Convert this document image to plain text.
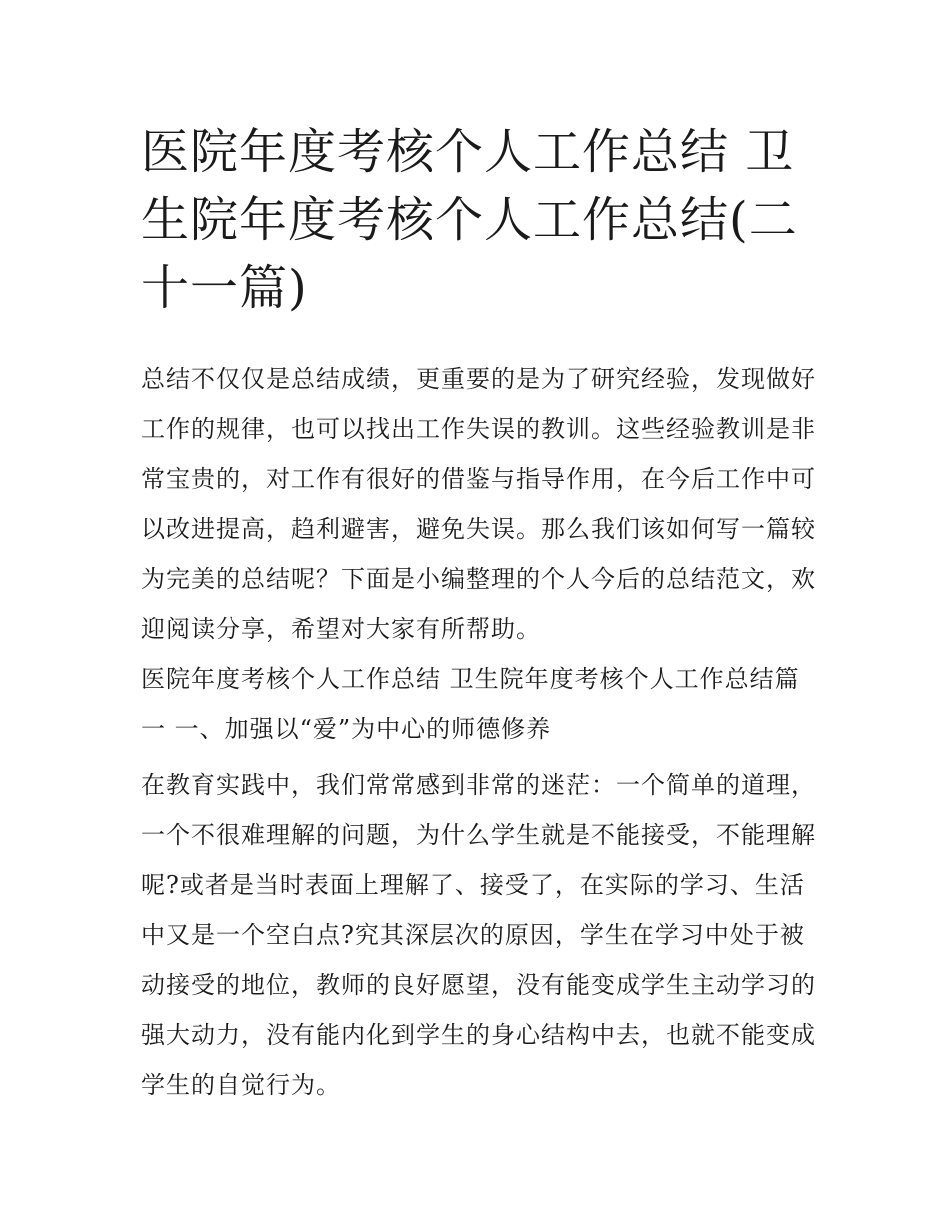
医院年度考核个人工作总结 卫生院年度考核个人工作总结(二十一篇)

总结不仅仅是总结成绩，更重要的是为了研究经验，发现做好工作的规律，也可以找出工作失误的教训。这些经验教训是非常宝贵的，对工作有很好的借鉴与指导作用，在今后工作中可以改进提高，趋利避害，避免失误。那么我们该如何写一篇较为完美的总结呢？下面是小编整理的个人今后的总结范文，欢迎阅读分享，希望对大家有所帮助。

医院年度考核个人工作总结 卫生院年度考核个人工作总结篇一 一、加强以“爱”为中心的师德修养

在教育实践中，我们常常感到非常的迷茫：一个简单的道理，一个不很难理解的问题，为什么学生就是不能接受，不能理解呢?或者是当时表面上理解了、接受了，在实际的学习、生活中又是一个空白点?究其深层次的原因，学生在学习中处于被动接受的地位，教师的良好愿望，没有能变成学生主动学习的强大动力，没有能内化到学生的身心结构中去，也就不能变成学生的自觉行为。
